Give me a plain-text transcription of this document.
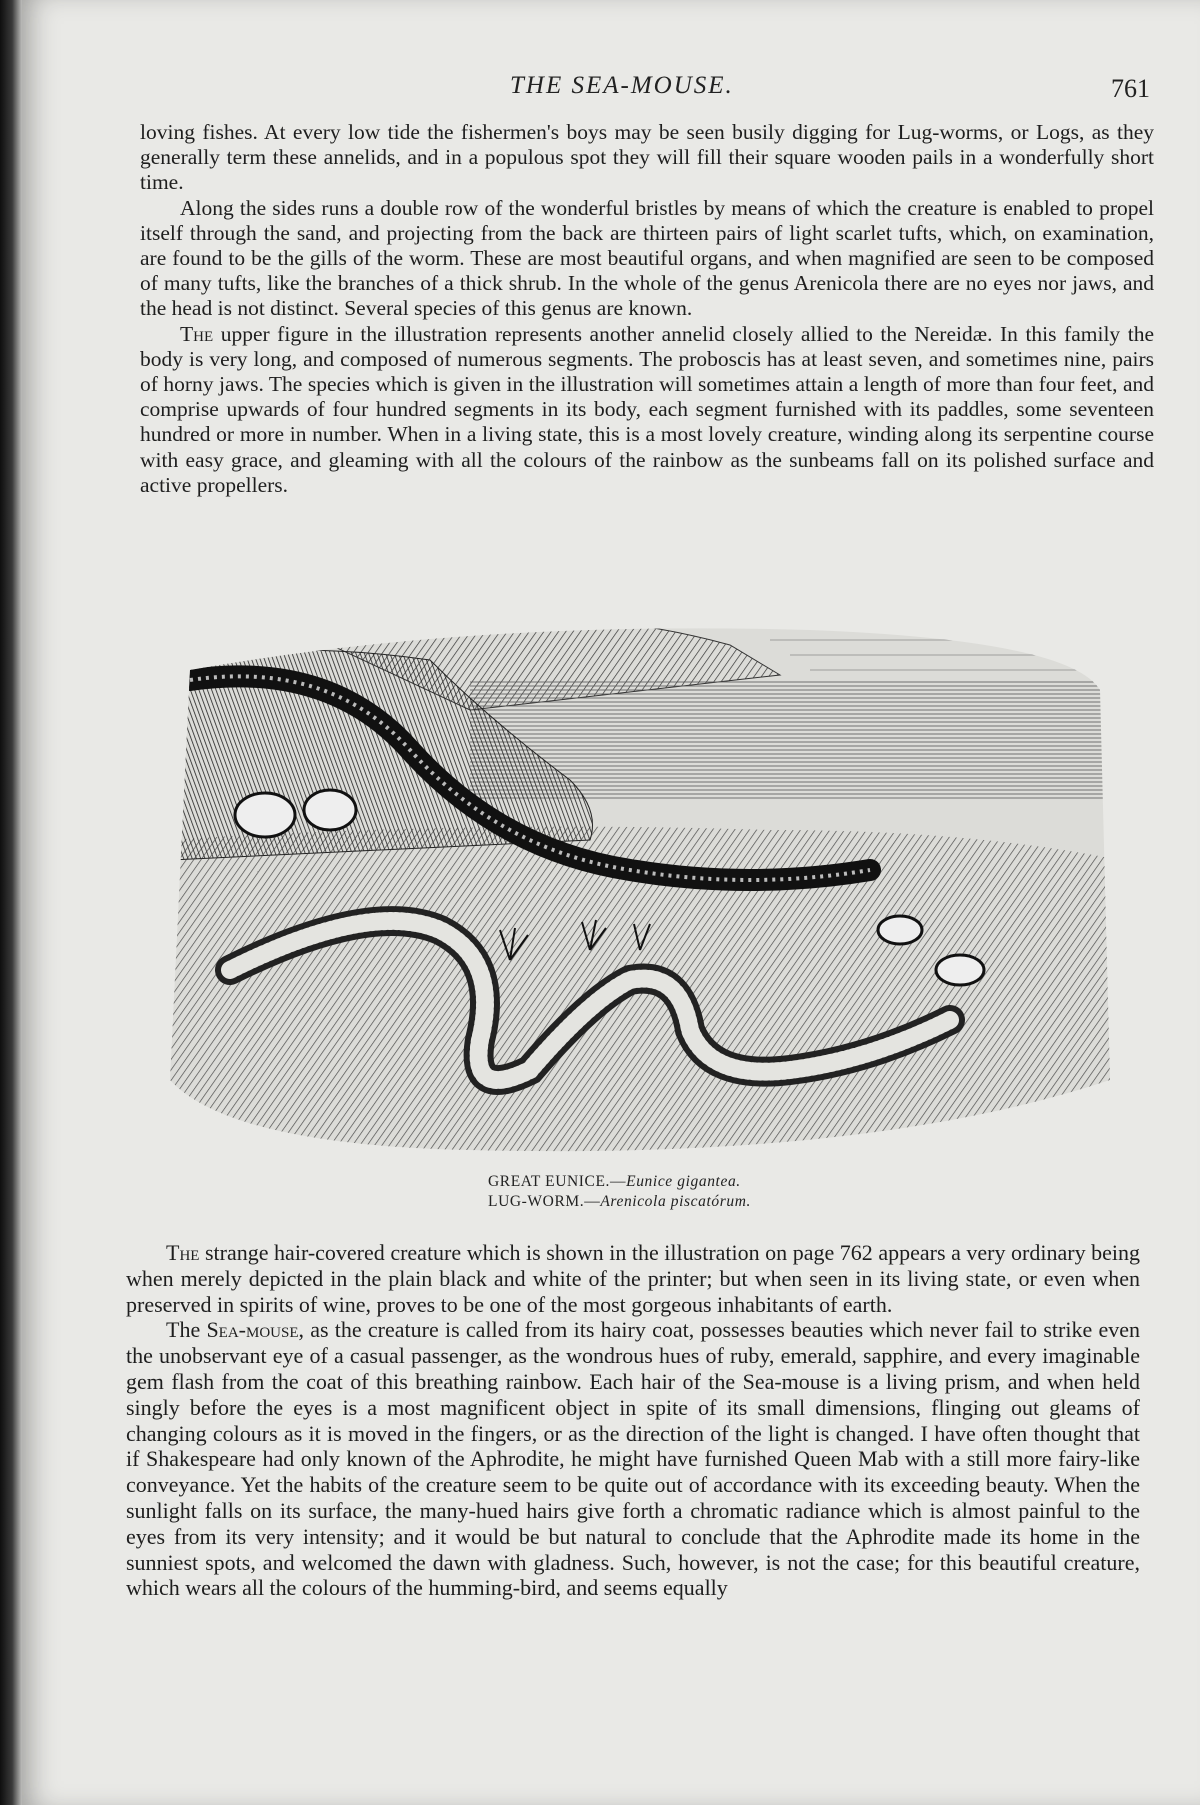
THE SEA-MOUSE.	761

loving fishes. At every low tide the fishermen's boys may be seen busily digging for Lug-worms, or Logs, as they generally term these annelids, and in a populous spot they will fill their square wooden pails in a wonderfully short time.

Along the sides runs a double row of the wonderful bristles by means of which the creature is enabled to propel itself through the sand, and projecting from the back are thirteen pairs of light scarlet tufts, which, on examination, are found to be the gills of the worm. These are most beautiful organs, and when magnified are seen to be composed of many tufts, like the branches of a thick shrub. In the whole of the genus Arenicola there are no eyes nor jaws, and the head is not distinct. Several species of this genus are known.

The upper figure in the illustration represents another annelid closely allied to the Nereidæ. In this family the body is very long, and composed of numerous segments. The proboscis has at least seven, and sometimes nine, pairs of horny jaws. The species which is given in the illustration will sometimes attain a length of more than four feet, and comprise upwards of four hundred segments in its body, each segment furnished with its paddles, some seventeen hundred or more in number. When in a living state, this is a most lovely creature, winding along its serpentine course with easy grace, and gleaming with all the colours of the rainbow as the sunbeams fall on its polished surface and active propellers.

GREAT EUNICE.—Eunice gigantea.
LUG-WORM.—Arenicola piscatórum.

The strange hair-covered creature which is shown in the illustration on page 762 appears a very ordinary being when merely depicted in the plain black and white of the printer; but when seen in its living state, or even when preserved in spirits of wine, proves to be one of the most gorgeous inhabitants of earth.

The Sea-mouse, as the creature is called from its hairy coat, possesses beauties which never fail to strike even the unobservant eye of a casual passenger, as the wondrous hues of ruby, emerald, sapphire, and every imaginable gem flash from the coat of this breathing rainbow. Each hair of the Sea-mouse is a living prism, and when held singly before the eyes is a most magnificent object in spite of its small dimensions, flinging out gleams of changing colours as it is moved in the fingers, or as the direction of the light is changed. I have often thought that if Shakespeare had only known of the Aphrodite, he might have furnished Queen Mab with a still more fairy-like conveyance. Yet the habits of the creature seem to be quite out of accordance with its exceeding beauty. When the sunlight falls on its surface, the many-hued hairs give forth a chromatic radiance which is almost painful to the eyes from its very intensity; and it would be but natural to conclude that the Aphrodite made its home in the sunniest spots, and welcomed the dawn with gladness. Such, however, is not the case; for this beautiful creature, which wears all the colours of the humming-bird, and seems equally
